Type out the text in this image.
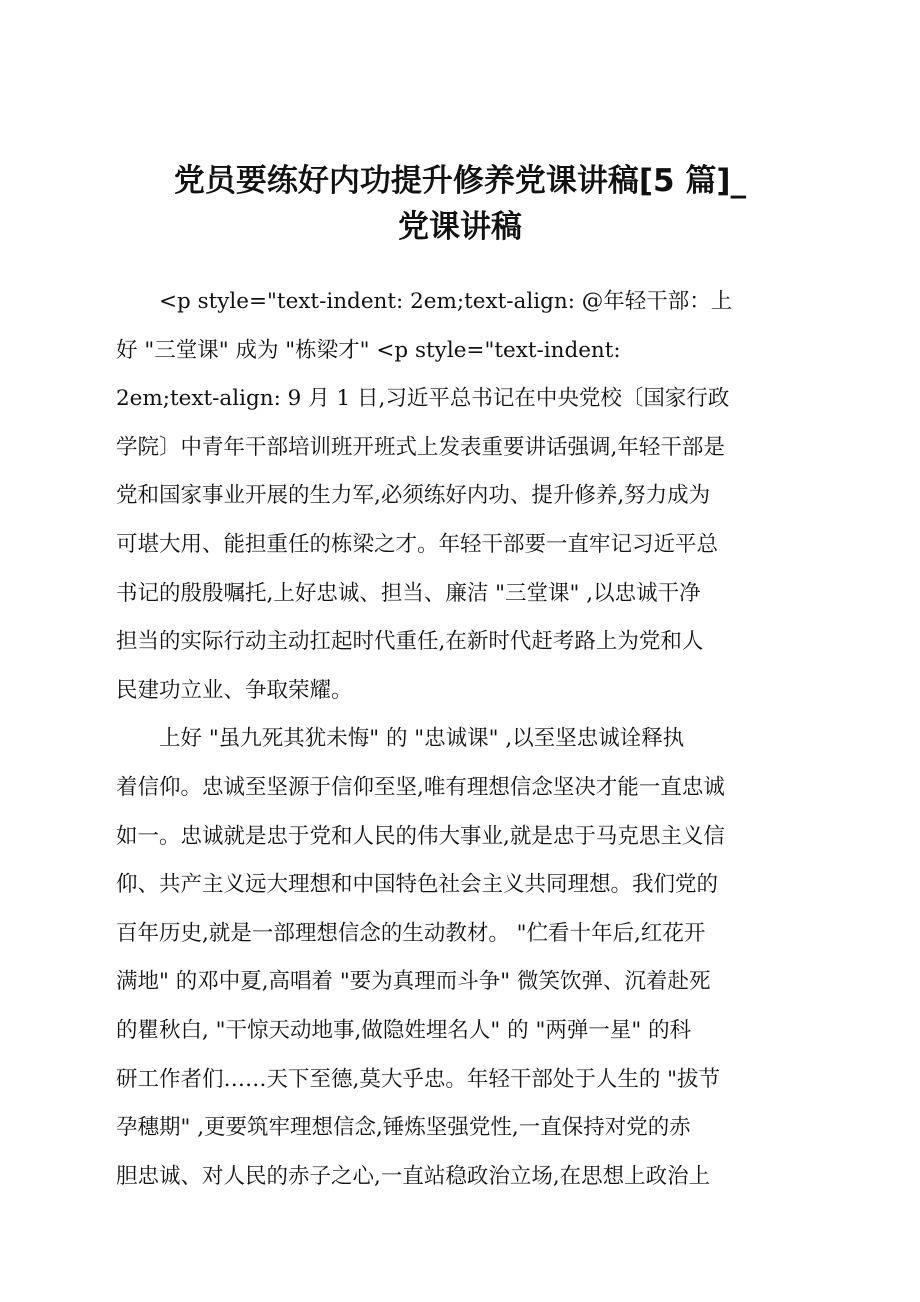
党员要练好内功提升修养党课讲稿[5 篇]_
党课讲稿
　　<p style="text-indent: 2em;text-align: @年轻干部：上
好 "三堂课" 成为 "栋梁才" <p style="text-indent:
2em;text-align: 9 月 1 日,习近平总书记在中央党校〔国家行政
学院〕中青年干部培训班开班式上发表重要讲话强调,年轻干部是
党和国家事业开展的生力军,必须练好内功、提升修养,努力成为
可堪大用、能担重任的栋梁之才。年轻干部要一直牢记习近平总
书记的殷殷嘱托,上好忠诚、担当、廉洁 "三堂课" ,以忠诚干净
担当的实际行动主动扛起时代重任,在新时代赶考路上为党和人
民建功立业、争取荣耀。
　　上好 "虽九死其犹未悔" 的 "忠诚课" ,以至坚忠诚诠释执
着信仰。忠诚至坚源于信仰至坚,唯有理想信念坚决才能一直忠诚
如一。忠诚就是忠于党和人民的伟大事业,就是忠于马克思主义信
仰、共产主义远大理想和中国特色社会主义共同理想。我们党的
百年历史,就是一部理想信念的生动教材。 "伫看十年后,红花开
满地" 的邓中夏,高唱着 "要为真理而斗争" 微笑饮弹、沉着赴死
的瞿秋白, "干惊天动地事,做隐姓埋名人" 的 "两弹一星" 的科
研工作者们……天下至德,莫大乎忠。年轻干部处于人生的 "拔节
孕穗期" ,更要筑牢理想信念,锤炼坚强党性,一直保持对党的赤
胆忠诚、对人民的赤子之心,一直站稳政治立场,在思想上政治上
